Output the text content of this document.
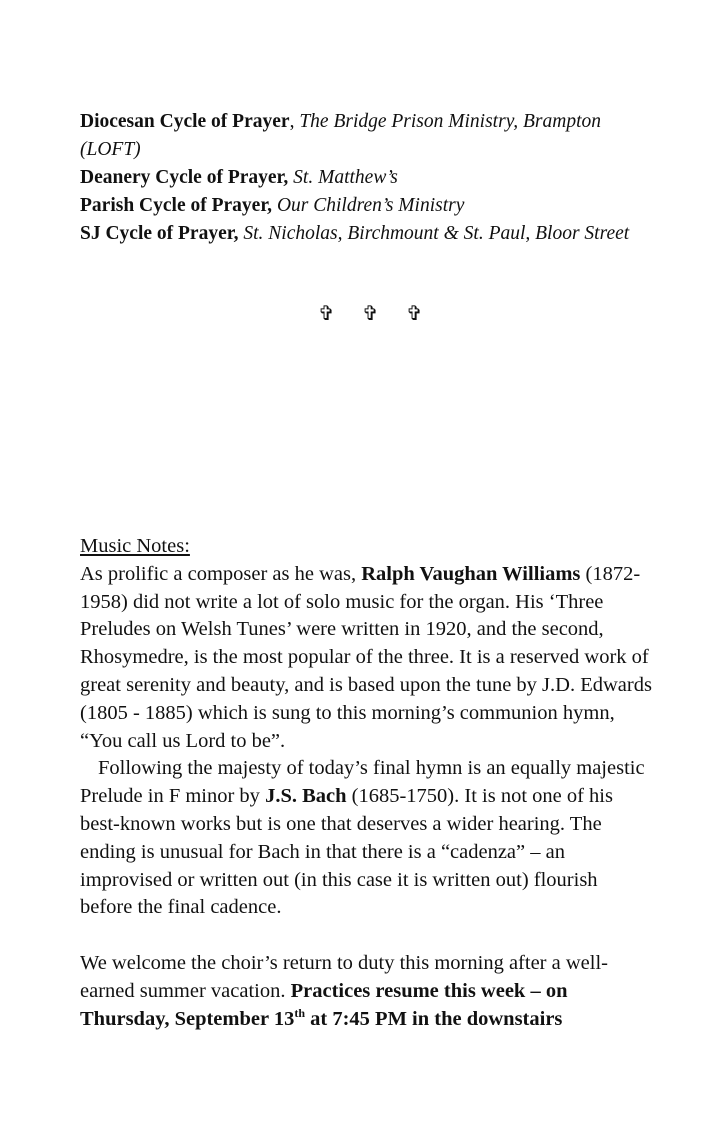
Diocesan Cycle of Prayer, The Bridge Prison Ministry, Brampton (LOFT)

Deanery Cycle of Prayer, St. Matthew’s

Parish Cycle of Prayer, Our Children’s Ministry

SJ Cycle of Prayer, St. Nicholas, Birchmount & St. Paul, Bloor Street

✞ ✞ ✞

Music Notes:

As prolific a composer as he was, Ralph Vaughan Williams (1872-1958) did not write a lot of solo music for the organ. His ‘Three Preludes on Welsh Tunes’ were written in 1920, and the second, Rhosymedre, is the most popular of the three. It is a reserved work of great serenity and beauty, and is based upon the tune by J.D. Edwards (1805 - 1885) which is sung to this morning’s communion hymn, “You call us Lord to be”.

Following the majesty of today’s final hymn is an equally majestic Prelude in F minor by J.S. Bach (1685-1750). It is not one of his best-known works but is one that deserves a wider hearing. The ending is unusual for Bach in that there is a “cadenza” – an improvised or written out (in this case it is written out) flourish before the final cadence.

We welcome the choir’s return to duty this morning after a well-earned summer vacation. Practices resume this week – on Thursday, September 13th at 7:45 PM in the downstairs
